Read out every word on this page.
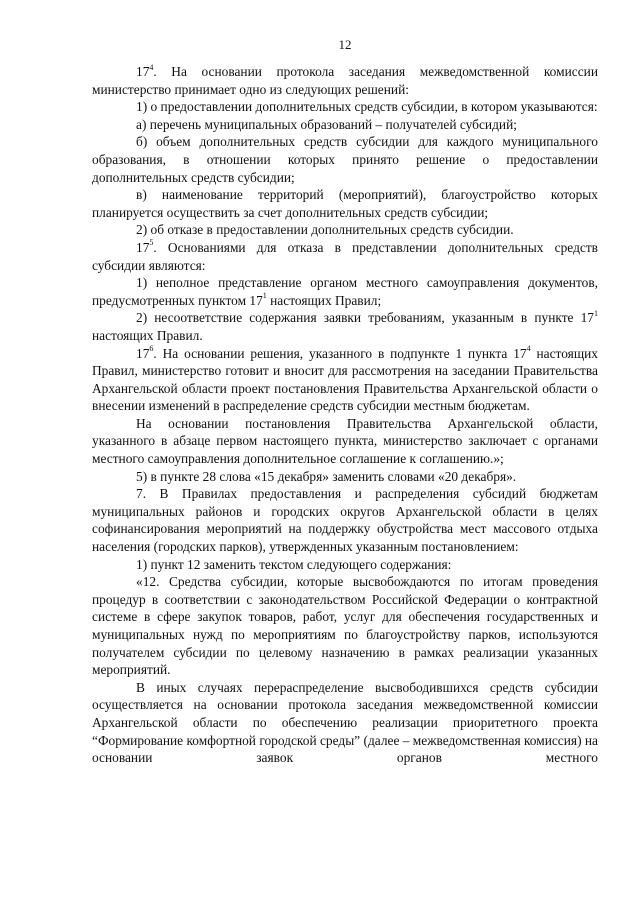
12

$17^4$. На основании протокола заседания межведомственной комиссии министерство принимает одно из следующих решений:

1) о предоставлении дополнительных средств субсидии, в котором указываются:

а) перечень муниципальных образований – получателей субсидий;

б) объем дополнительных средств субсидии для каждого муниципального образования, в отношении которых принято решение о предоставлении дополнительных средств субсидии;

в) наименование территорий (мероприятий), благоустройство которых планируется осуществить за счет дополнительных средств субсидии;

2) об отказе в предоставлении дополнительных средств субсидии.

$17^5$. Основаниями для отказа в представлении дополнительных средств субсидии являются:

1) неполное представление органом местного самоуправления документов, предусмотренных пунктом $17^1$ настоящих Правил;

2) несоответствие содержания заявки требованиям, указанным в пункте $17^1$ настоящих Правил.

$17^6$. На основании решения, указанного в подпункте 1 пункта $17^4$ настоящих Правил, министерство готовит и вносит для рассмотрения на заседании Правительства Архангельской области проект постановления Правительства Архангельской области о внесении изменений в распределение средств субсидии местным бюджетам.

На основании постановления Правительства Архангельской области, указанного в абзаце первом настоящего пункта, министерство заключает с органами местного самоуправления дополнительное соглашение к соглашению.»;

5) в пункте 28 слова «15 декабря» заменить словами «20 декабря».

7. В Правилах предоставления и распределения субсидий бюджетам муниципальных районов и городских округов Архангельской области в целях софинансирования мероприятий на поддержку обустройства мест массового отдыха населения (городских парков), утвержденных указанным постановлением:

1) пункт 12 заменить текстом следующего содержания:

«12. Средства субсидии, которые высвобождаются по итогам проведения процедур в соответствии с законодательством Российской Федерации о контрактной системе в сфере закупок товаров, работ, услуг для обеспечения государственных и муниципальных нужд по мероприятиям по благоустройству парков, используются получателем субсидии по целевому назначению в рамках реализации указанных мероприятий.

В иных случаях перераспределение высвободившихся средств субсидии осуществляется на основании протокола заседания межведомственной комиссии Архангельской области по обеспечению реализации приоритетного проекта “Формирование комфортной городской среды” (далее – межведомственная комиссия) на основании заявок органов местного
